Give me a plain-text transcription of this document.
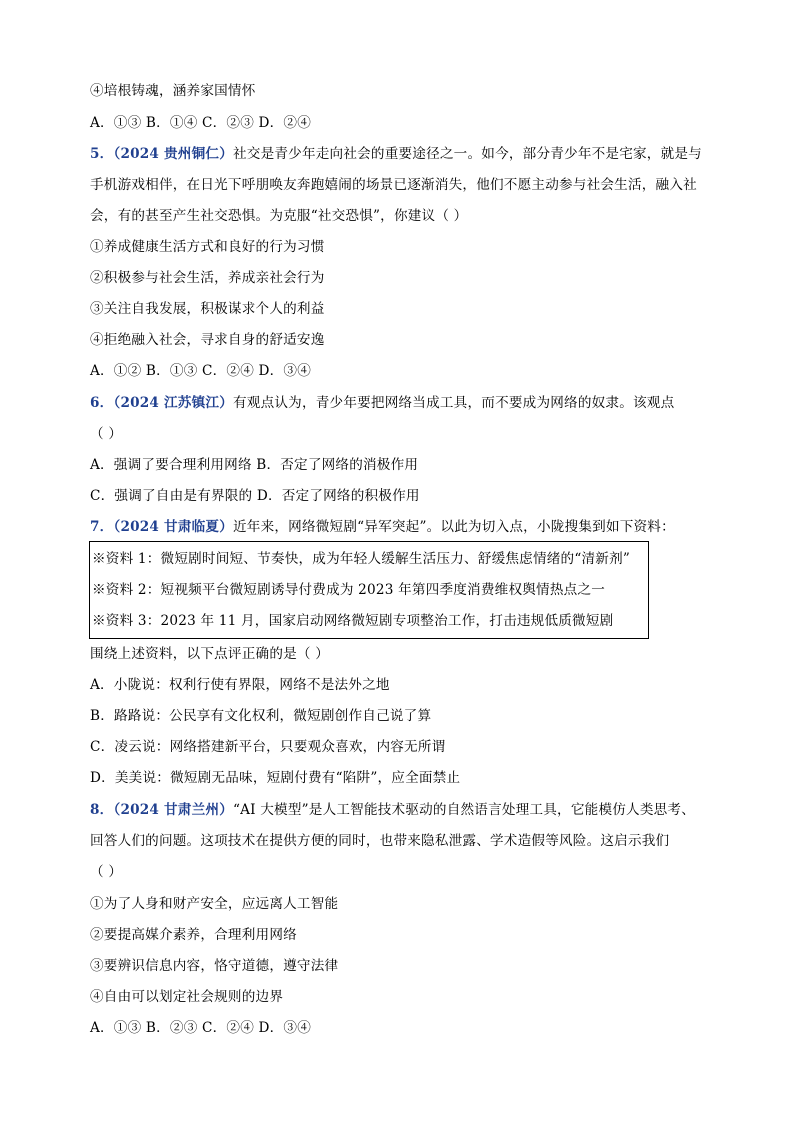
④培根铸魂，涵养家国情怀
A．①③ B．①④ C．②③ D．②④
5．（2024 贵州铜仁）社交是青少年走向社会的重要途径之一。如今，部分青少年不是宅家，就是与
手机游戏相伴，在日光下呼朋唤友奔跑嬉闹的场景已逐渐消失，他们不愿主动参与社会生活，融入社
会，有的甚至产生社交恐惧。为克服“社交恐惧”，你建议（ ）
①养成健康生活方式和良好的行为习惯
②积极参与社会生活，养成亲社会行为
③关注自我发展，积极谋求个人的利益
④拒绝融入社会，寻求自身的舒适安逸
A．①② B．①③ C．②④ D．③④
6．（2024 江苏镇江）有观点认为，青少年要把网络当成工具，而不要成为网络的奴隶。该观点
（ ）
A．强调了要合理利用网络 B．否定了网络的消极作用
C．强调了自由是有界限的 D．否定了网络的积极作用
7．（2024 甘肃临夏）近年来，网络微短剧“异军突起”。以此为切入点，小陇搜集到如下资料：
※资料 1：微短剧时间短、节奏快，成为年轻人缓解生活压力、舒缓焦虑情绪的“清新剂”
※资料 2：短视频平台微短剧诱导付费成为 2023 年第四季度消费维权舆情热点之一
※资料 3：2023 年 11 月，国家启动网络微短剧专项整治工作，打击违规低质微短剧
围绕上述资料，以下点评正确的是（ ）
A．小陇说：权利行使有界限，网络不是法外之地
B．路路说：公民享有文化权利，微短剧创作自己说了算
C．凌云说：网络搭建新平台，只要观众喜欢，内容无所谓
D．美美说：微短剧无品味，短剧付费有“陷阱”，应全面禁止
8．（2024 甘肃兰州）“AI 大模型”是人工智能技术驱动的自然语言处理工具，它能模仿人类思考、
回答人们的问题。这项技术在提供方便的同时，也带来隐私泄露、学术造假等风险。这启示我们
（ ）
①为了人身和财产安全，应远离人工智能
②要提高媒介素养，合理利用网络
③要辨识信息内容，恪守道德，遵守法律
④自由可以划定社会规则的边界
A．①③ B．②③ C．②④ D．③④
